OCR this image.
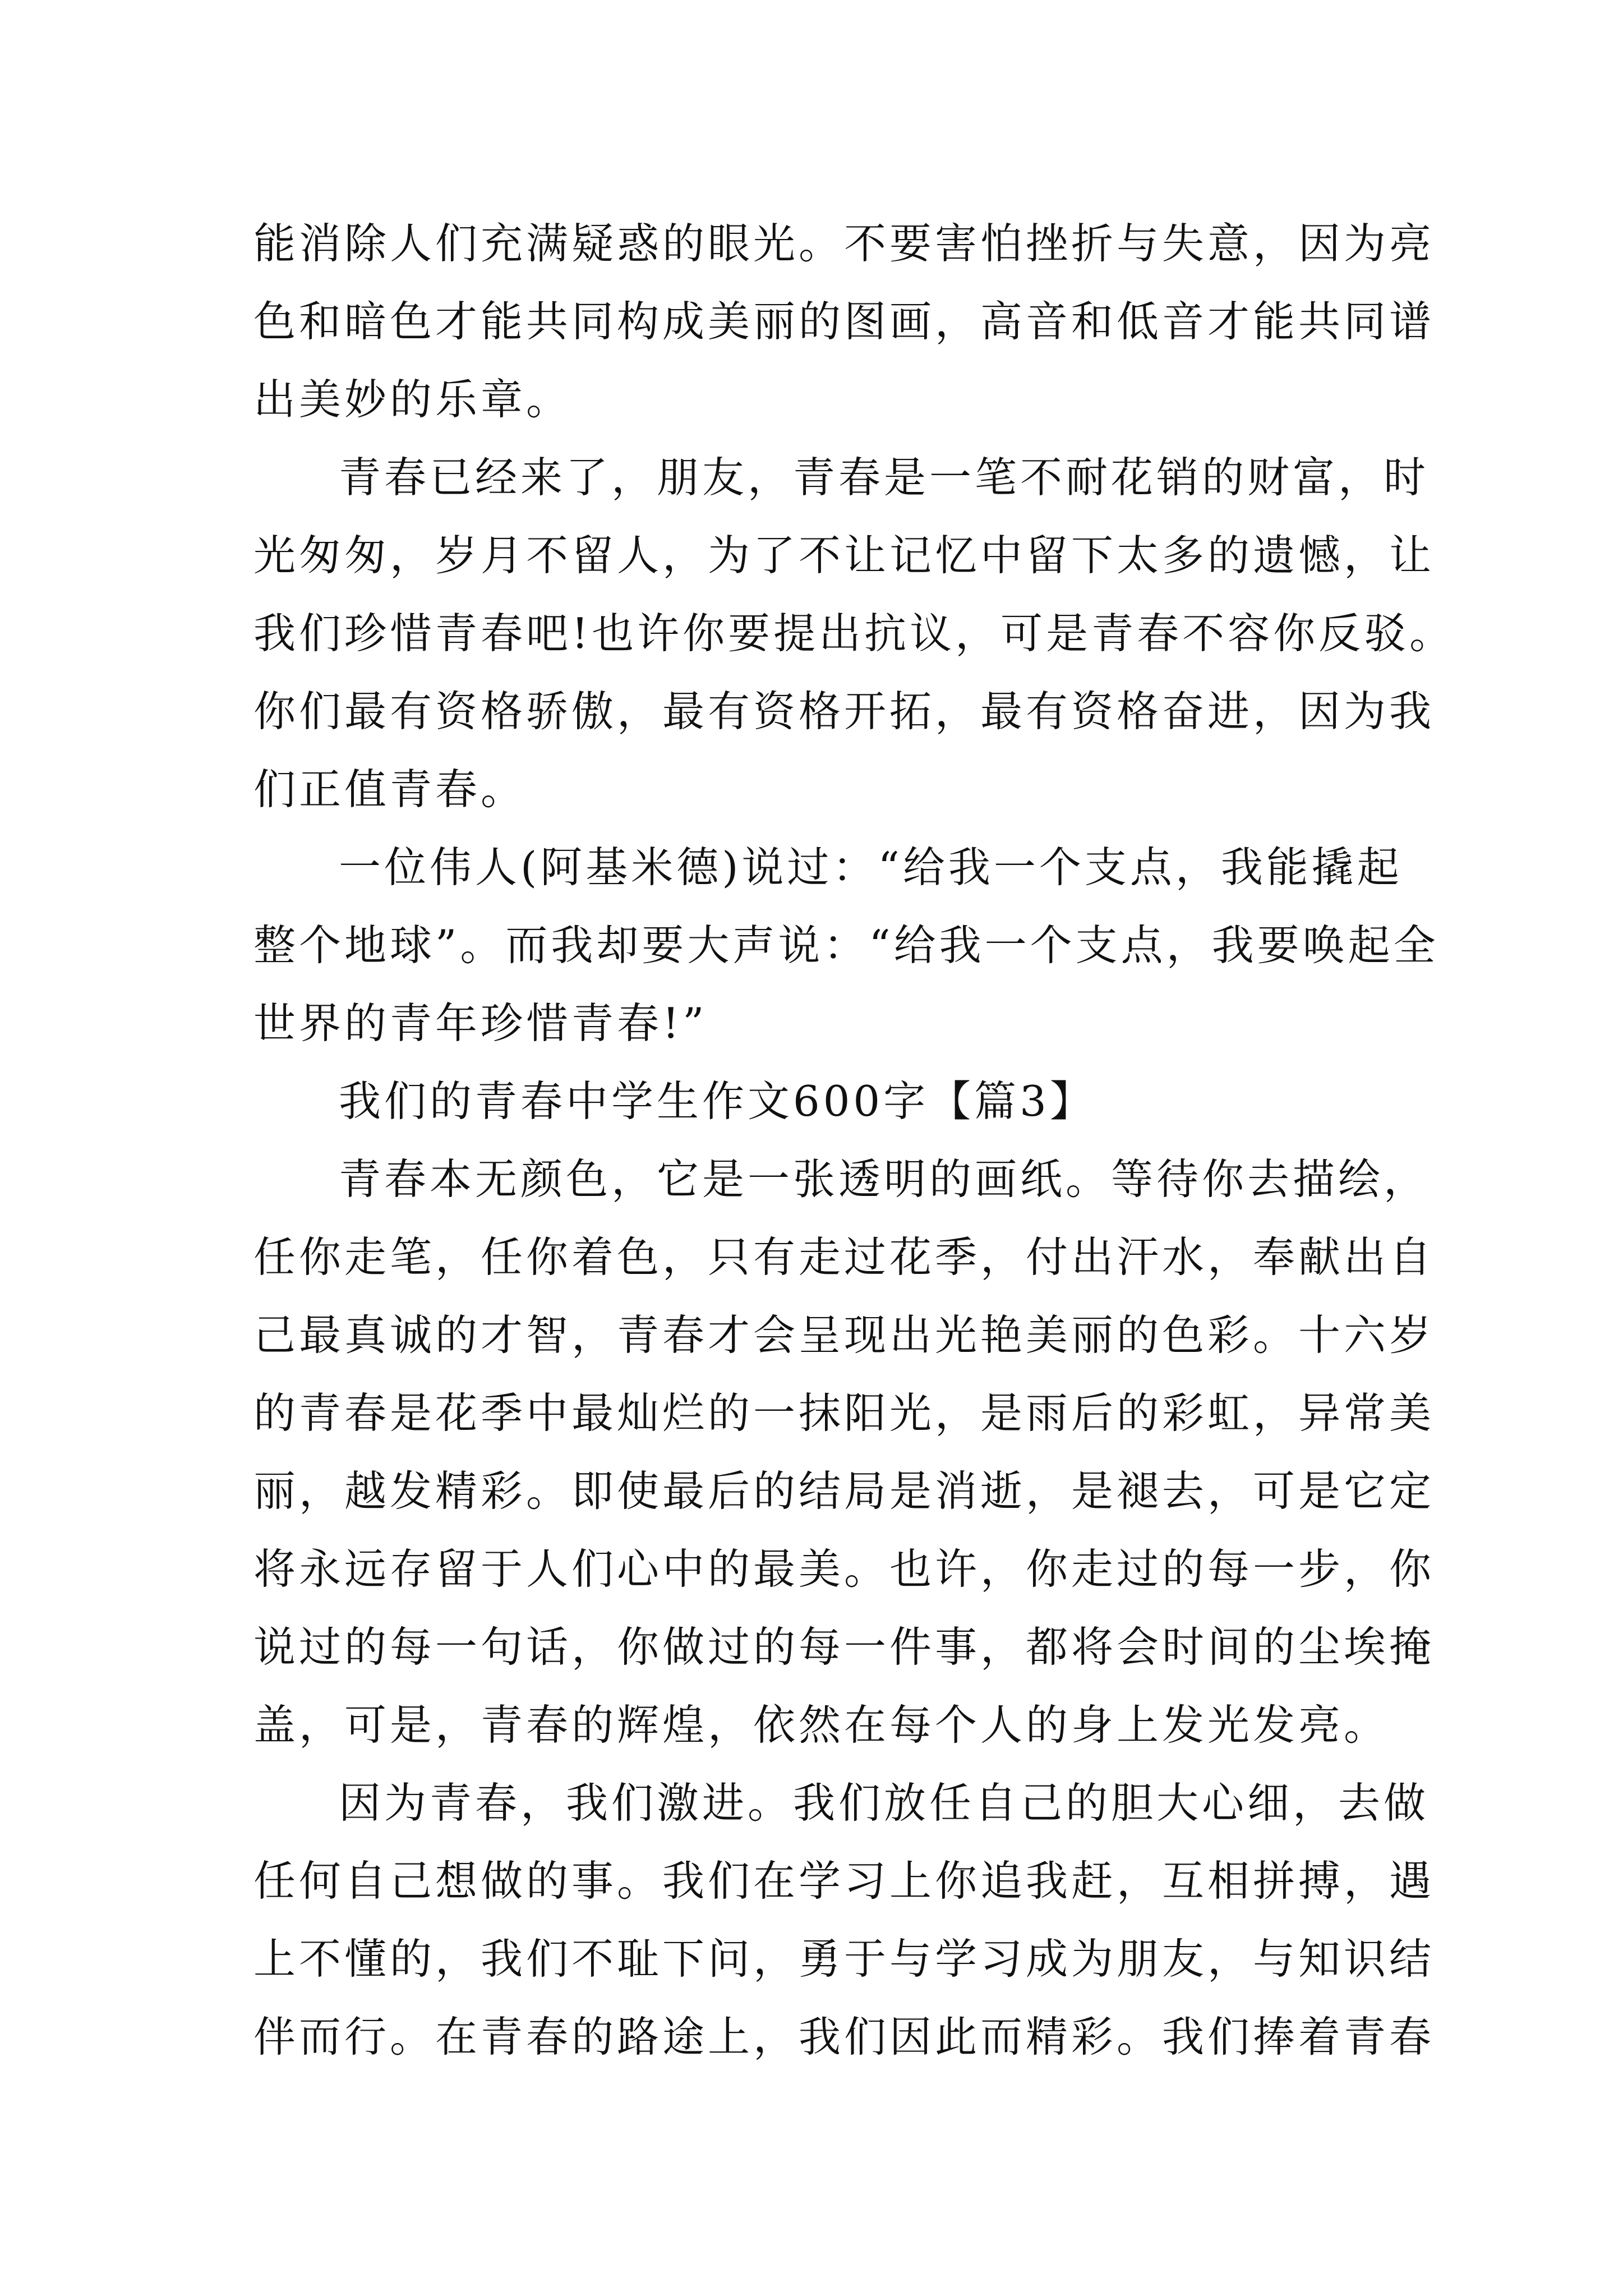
能消除人们充满疑惑的眼光。不要害怕挫折与失意，因为亮
色和暗色才能共同构成美丽的图画，高音和低音才能共同谱
出美妙的乐章。
青春已经来了，朋友，青春是一笔不耐花销的财富，时
光匆匆，岁月不留人，为了不让记忆中留下太多的遗憾，让
我们珍惜青春吧!也许你要提出抗议，可是青春不容你反驳。
你们最有资格骄傲，最有资格开拓，最有资格奋进，因为我
们正值青春。
一位伟人(阿基米德)说过：“给我一个支点，我能撬起
整个地球”。而我却要大声说：“给我一个支点，我要唤起全
世界的青年珍惜青春!”
我们的青春中学生作文600字【篇3】
青春本无颜色，它是一张透明的画纸。等待你去描绘，
任你走笔，任你着色，只有走过花季，付出汗水，奉献出自
己最真诚的才智，青春才会呈现出光艳美丽的色彩。十六岁
的青春是花季中最灿烂的一抹阳光，是雨后的彩虹，异常美
丽，越发精彩。即使最后的结局是消逝，是褪去，可是它定
将永远存留于人们心中的最美。也许，你走过的每一步，你
说过的每一句话，你做过的每一件事，都将会时间的尘埃掩
盖，可是，青春的辉煌，依然在每个人的身上发光发亮。
因为青春，我们激进。我们放任自己的胆大心细，去做
任何自己想做的事。我们在学习上你追我赶，互相拼搏，遇
上不懂的，我们不耻下问，勇于与学习成为朋友，与知识结
伴而行。在青春的路途上，我们因此而精彩。我们捧着青春
